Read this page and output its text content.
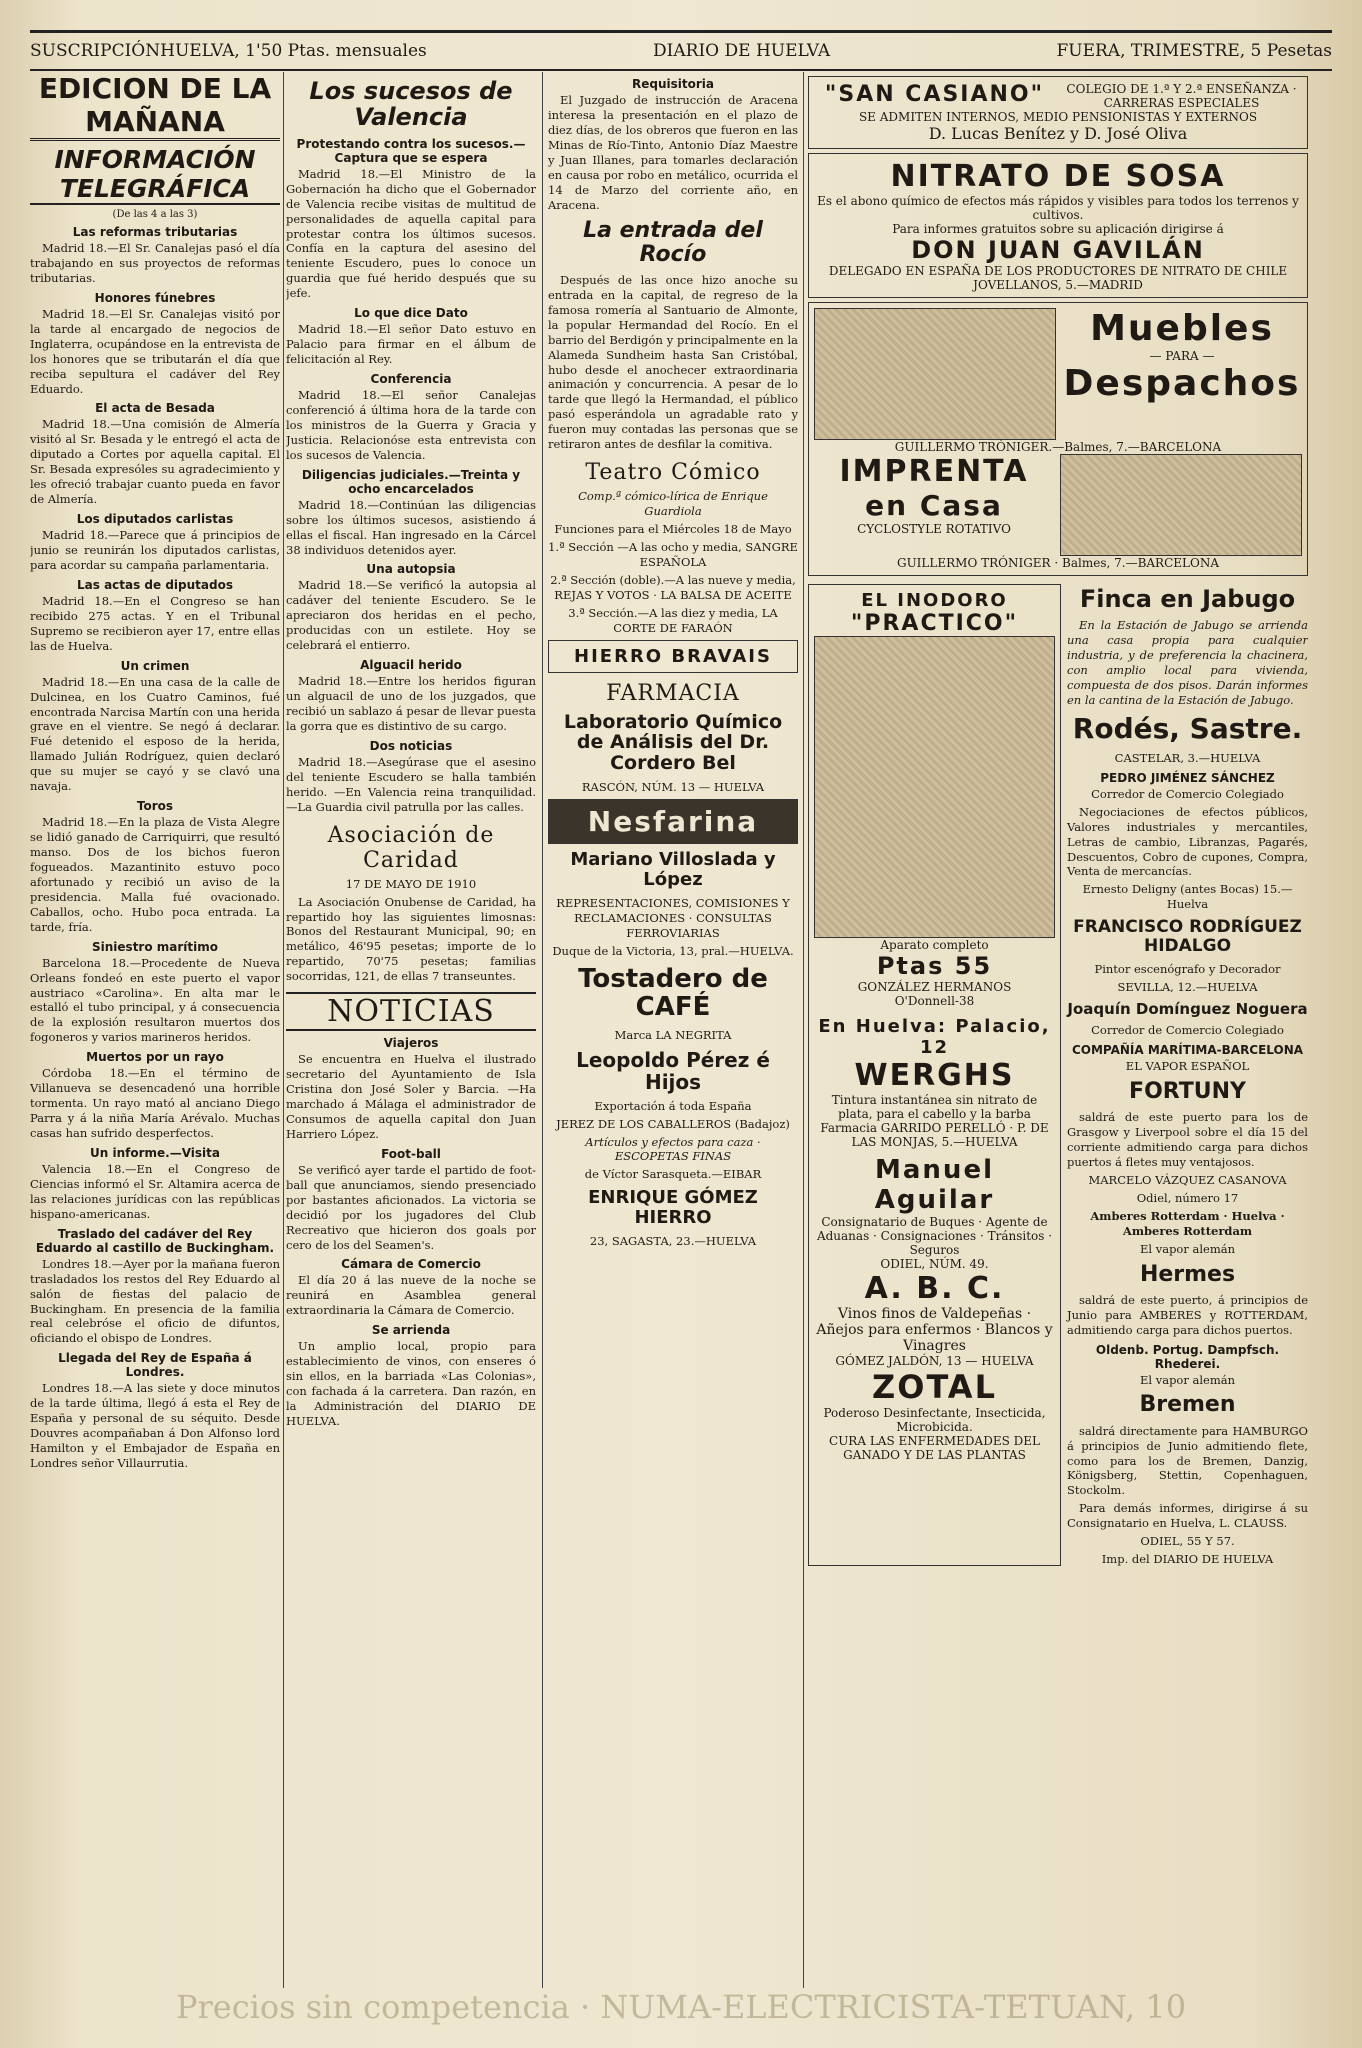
SUSCRIPCIÓNHUELVA, 1'50 Ptas. mensuales	DIARIO DE HUELVA	FUERA, TRIMESTRE, 5 Pesetas
EDICION DE LA MAÑANA
INFORMACIÓN TELEGRÁFICA
(De las 4 a las 3)
Las reformas tributarias

Madrid 18.—El Sr. Canalejas pasó el día trabajando en sus proyectos de reformas tributarias.

Honores fúnebres

Madrid 18.—El Sr. Canalejas visitó por la tarde al encargado de negocios de Inglaterra, ocupándose en la entrevista de los honores que se tributarán el día que reciba sepultura el cadáver del Rey Eduardo.

El acta de Besada

Madrid 18.—Una comisión de Almería visitó al Sr. Besada y le entregó el acta de diputado a Cortes por aquella capital. El Sr. Besada expresóles su agradecimiento y les ofreció trabajar cuanto pueda en favor de Almería.

Los diputados carlistas

Madrid 18.—Parece que á principios de junio se reunirán los diputados carlistas, para acordar su campaña parlamentaria.

Las actas de diputados

Madrid 18.—En el Congreso se han recibido 275 actas. Y en el Tribunal Supremo se recibieron ayer 17, entre ellas las de Huelva.

Un crimen

Madrid 18.—En una casa de la calle de Dulcinea, en los Cuatro Caminos, fué encontrada Narcisa Martín con una herida grave en el vientre. Se negó á declarar. Fué detenido el esposo de la herida, llamado Julián Rodríguez, quien declaró que su mujer se cayó y se clavó una navaja.

Toros

Madrid 18.—En la plaza de Vista Alegre se lidió ganado de Carriquirri, que resultó manso. Dos de los bichos fueron fogueados. Mazantinito estuvo poco afortunado y recibió un aviso de la presidencia. Malla fué ovacionado. Caballos, ocho. Hubo poca entrada. La tarde, fría.

Siniestro marítimo

Barcelona 18.—Procedente de Nueva Orleans fondeó en este puerto el vapor austriaco «Carolina». En alta mar le estalló el tubo principal, y á consecuencia de la explosión resultaron muertos dos fogoneros y varios marineros heridos.

Muertos por un rayo

Córdoba 18.—En el término de Villanueva se desencadenó una horrible tormenta. Un rayo mató al anciano Diego Parra y á la niña María Arévalo. Muchas casas han sufrido desperfectos.

Un informe.—Visita

Valencia 18.—En el Congreso de Ciencias informó el Sr. Altamira acerca de las relaciones jurídicas con las repúblicas hispano-americanas.

Traslado del cadáver del Rey Eduardo al castillo de Buckingham.

Londres 18.—Ayer por la mañana fueron trasladados los restos del Rey Eduardo al salón de fiestas del palacio de Buckingham. En presencia de la familia real celebróse el oficio de difuntos, oficiando el obispo de Londres.

Llegada del Rey de España á Londres.

Londres 18.—A las siete y doce minutos de la tarde última, llegó á esta el Rey de España y personal de su séquito. Desde Douvres acompañaban á Don Alfonso lord Hamilton y el Embajador de España en Londres señor Villaurrutia.

Los sucesos de Valencia
Protestando contra los sucesos.—Captura que se espera

Madrid 18.—El Ministro de la Gobernación ha dicho que el Gobernador de Valencia recibe visitas de multitud de personalidades de aquella capital para protestar contra los últimos sucesos. Confía en la captura del asesino del teniente Escudero, pues lo conoce un guardia que fué herido después que su jefe.

Lo que dice Dato

Madrid 18.—El señor Dato estuvo en Palacio para firmar en el álbum de felicitación al Rey.

Conferencia

Madrid 18.—El señor Canalejas conferenció á última hora de la tarde con los ministros de la Guerra y Gracia y Justicia. Relacionóse esta entrevista con los sucesos de Valencia.

Diligencias judiciales.—Treinta y ocho encarcelados

Madrid 18.—Continúan las diligencias sobre los últimos sucesos, asistiendo á ellas el fiscal. Han ingresado en la Cárcel 38 individuos detenidos ayer.

Una autopsia

Madrid 18.—Se verificó la autopsia al cadáver del teniente Escudero. Se le apreciaron dos heridas en el pecho, producidas con un estilete. Hoy se celebrará el entierro.

Alguacil herido

Madrid 18.—Entre los heridos figuran un alguacil de uno de los juzgados, que recibió un sablazo á pesar de llevar puesta la gorra que es distintivo de su cargo.

Dos noticias

Madrid 18.—Asegúrase que el asesino del teniente Escudero se halla también herido. —En Valencia reina tranquilidad. —La Guardia civil patrulla por las calles.

Asociación de Caridad

17 DE MAYO DE 1910

La Asociación Onubense de Caridad, ha repartido hoy las siguientes limosnas: Bonos del Restaurant Municipal, 90; en metálico, 46'95 pesetas; importe de lo repartido, 70'75 pesetas; familias socorridas, 121, de ellas 7 transeuntes.

NOTICIAS
Viajeros

Se encuentra en Huelva el ilustrado secretario del Ayuntamiento de Isla Cristina don José Soler y Barcia. —Ha marchado á Málaga el administrador de Consumos de aquella capital don Juan Harriero López.

Foot-ball

Se verificó ayer tarde el partido de foot-ball que anunciamos, siendo presenciado por bastantes aficionados. La victoria se decidió por los jugadores del Club Recreativo que hicieron dos goals por cero de los del Seamen's.

Cámara de Comercio

El día 20 á las nueve de la noche se reunirá en Asamblea general extraordinaria la Cámara de Comercio.

Se arrienda

Un amplio local, propio para establecimiento de vinos, con enseres ó sin ellos, en la barriada «Las Colonias», con fachada á la carretera. Dan razón, en la Administración del DIARIO DE HUELVA.

Requisitoria

El Juzgado de instrucción de Aracena interesa la presentación en el plazo de diez días, de los obreros que fueron en las Minas de Río-Tinto, Antonio Díaz Maestre y Juan Illanes, para tomarles declaración en causa por robo en metálico, ocurrida el 14 de Marzo del corriente año, en Aracena.

La entrada del Rocío

Después de las once hizo anoche su entrada en la capital, de regreso de la famosa romería al Santuario de Almonte, la popular Hermandad del Rocío. En el barrio del Berdigón y principalmente en la Alameda Sundheim hasta San Cristóbal, hubo desde el anochecer extraordinaria animación y concurrencia. A pesar de lo tarde que llegó la Hermandad, el público pasó esperándola un agradable rato y fueron muy contadas las personas que se retiraron antes de desfilar la comitiva.

Teatro Cómico

Comp.ª cómico-lírica de Enrique Guardiola

Funciones para el Miércoles 18 de Mayo

1.ª Sección —A las ocho y media, SANGRE ESPAÑOLA

2.ª Sección (doble).—A las nueve y media, REJAS Y VOTOS · LA BALSA DE ACEITE

3.ª Sección.—A las diez y media, LA CORTE DE FARAÓN

HIERRO BRAVAIS
FARMACIA
Laboratorio Químico de Análisis del Dr. Cordero Bel

RASCÓN, NÚM. 13 — HUELVA

Nesfarina
Mariano Villoslada y López

REPRESENTACIONES, COMISIONES Y RECLAMACIONES · CONSULTAS FERROVIARIAS

Duque de la Victoria, 13, pral.—HUELVA.

Tostadero de CAFÉ

Marca LA NEGRITA

Leopoldo Pérez é Hijos

Exportación á toda España

JEREZ DE LOS CABALLEROS (Badajoz)

Artículos y efectos para caza · ESCOPETAS FINAS

de Víctor Sarasqueta.—EIBAR

ENRIQUE GÓMEZ HIERRO

23, SAGASTA, 23.—HUELVA

"SAN CASIANO"	COLEGIO DE 1.ª Y 2.ª ENSEÑANZA · CARRERAS ESPECIALES
SE ADMITEN INTERNOS, MEDIO PENSIONISTAS Y EXTERNOS
D. Lucas Benítez y D. José Oliva
NITRATO DE SOSA
Es el abono químico de efectos más rápidos y visibles para todos los terrenos y cultivos.
Para informes gratuitos sobre su aplicación dirigirse á
DON JUAN GAVILÁN
DELEGADO EN ESPAÑA DE LOS PRODUCTORES DE NITRATO DE CHILE
JOVELLANOS, 5.—MADRID
Muebles
— PARA —
Despachos
GUILLERMO TRÓNIGER.—Balmes, 7.—BARCELONA
IMPRENTA
en Casa
CYCLOSTYLE ROTATIVO
GUILLERMO TRÓNIGER · Balmes, 7.—BARCELONA
EL INODORO
"PRACTICO"
Aparato completo
Ptas 55
GONZÁLEZ HERMANOS
O'Donnell-38
En Huelva: Palacio, 12
WERGHS
Tintura instantánea sin nitrato de plata, para el cabello y la barba
Farmacia GARRIDO PERELLÓ · P. DE LAS MONJAS, 5.—HUELVA
Manuel Aguilar
Consignatario de Buques · Agente de Aduanas · Consignaciones · Tránsitos · Seguros
ODIEL, NÚM. 49.
A. B. C.
Vinos finos de Valdepeñas · Añejos para enfermos · Blancos y Vinagres
GÓMEZ JALDÓN, 13 — HUELVA
ZOTAL
Poderoso Desinfectante, Insecticida, Microbicida.
CURA LAS ENFERMEDADES DEL GANADO Y DE LAS PLANTAS
Finca en Jabugo

En la Estación de Jabugo se arrienda una casa propia para cualquier industria, y de preferencia la chacinera, con amplio local para vivienda, compuesta de dos pisos. Darán informes en la cantina de la Estación de Jabugo.

Rodés, Sastre.

CASTELAR, 3.—HUELVA

PEDRO JIMÉNEZ SÁNCHEZ

Corredor de Comercio Colegiado

Negociaciones de efectos públicos, Valores industriales y mercantiles, Letras de cambio, Libranzas, Pagarés, Descuentos, Cobro de cupones, Compra, Venta de mercancías.

Ernesto Deligny (antes Bocas) 15.—Huelva

FRANCISCO RODRÍGUEZ HIDALGO

Pintor escenógrafo y Decorador

SEVILLA, 12.—HUELVA

Joaquín Domínguez Noguera

Corredor de Comercio Colegiado

COMPAÑÍA MARÍTIMA-BARCELONA

EL VAPOR ESPAÑOL

FORTUNY

saldrá de este puerto para los de Grasgow y Liverpool sobre el día 15 del corriente admitiendo carga para dichos puertos á fletes muy ventajosos.

MARCELO VÁZQUEZ CASANOVA

Odiel, número 17

Amberes Rotterdam · Huelva · Amberes Rotterdam

El vapor alemán

Hermes

saldrá de este puerto, á principios de Junio para AMBERES y ROTTERDAM, admitiendo carga para dichos puertos.

Oldenb. Portug. Dampfsch. Rhederei.

El vapor alemán

Bremen

saldrá directamente para HAMBURGO á principios de Junio admitiendo flete, como para los de Bremen, Danzig, Königsberg, Stettin, Copenhaguen, Stockolm.

Para demás informes, dirigirse á su Consignatario en Huelva, L. CLAUSS.

ODIEL, 55 Y 57.

Imp. del DIARIO DE HUELVA

Precios sin competencia · NUMA-ELECTRICISTA-TETUAN, 10
